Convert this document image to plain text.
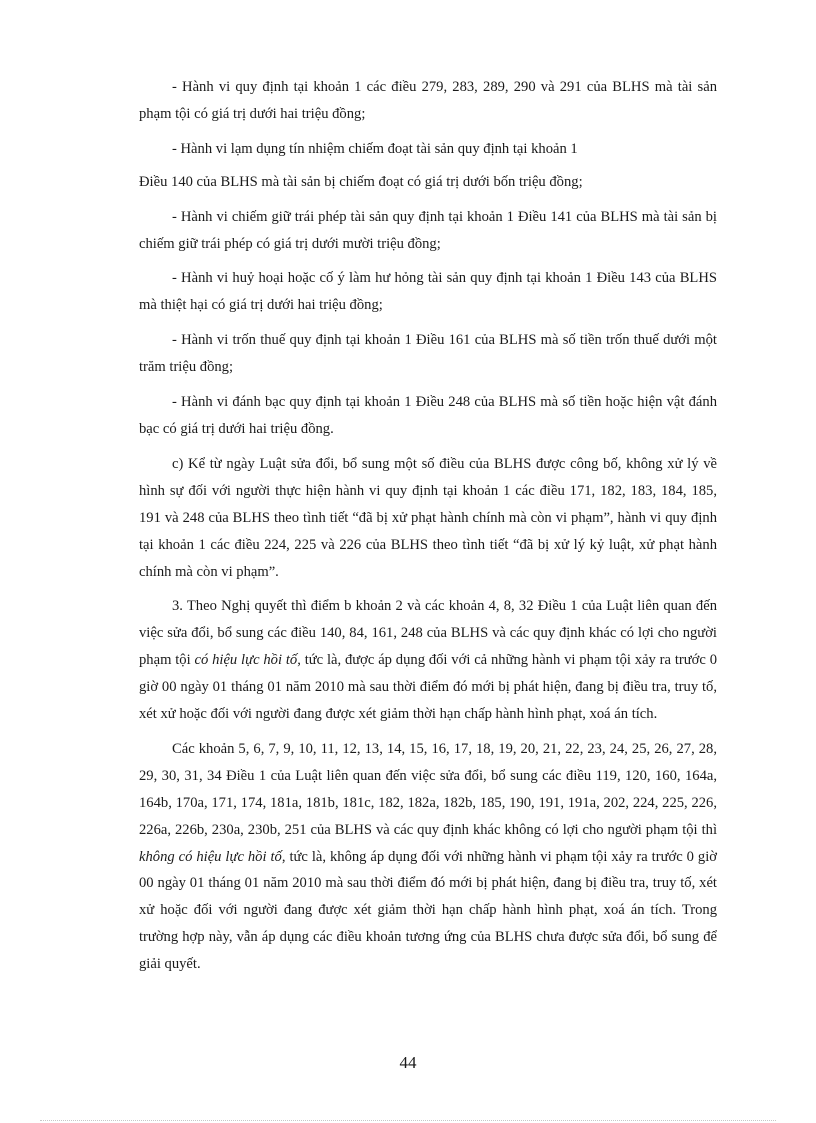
- Hành vi quy định tại khoản 1 các điều 279, 283, 289, 290 và 291 của BLHS mà tài sản phạm tội có giá trị dưới hai triệu đồng;

- Hành vi lạm dụng tín nhiệm chiếm đoạt tài sản quy định tại khoản 1

Điều 140 của BLHS mà tài sản bị chiếm đoạt có giá trị dưới bốn triệu đồng;

- Hành vi chiếm giữ trái phép tài sản quy định tại khoản 1 Điều 141 của BLHS mà tài sản bị chiếm giữ trái phép có giá trị dưới mười triệu đồng;

- Hành vi huỷ hoại hoặc cố ý làm hư hỏng tài sản quy định tại khoản 1 Điều 143 của BLHS mà thiệt hại có giá trị dưới hai triệu đồng;

- Hành vi trốn thuế quy định tại khoản 1 Điều 161 của BLHS mà số tiền trốn thuế dưới một trăm triệu đồng;

- Hành vi đánh bạc quy định tại khoản 1 Điều 248 của BLHS mà số tiền hoặc hiện vật đánh bạc có giá trị dưới hai triệu đồng.

c) Kể từ ngày Luật sửa đổi, bổ sung một số điều của BLHS được công bố, không xử lý về hình sự đối với người thực hiện hành vi quy định tại khoản 1 các điều 171, 182, 183, 184, 185, 191 và 248 của BLHS theo tình tiết “đã bị xử phạt hành chính mà còn vi phạm”, hành vi quy định tại khoản 1 các điều 224, 225 và 226 của BLHS theo tình tiết “đã bị xử lý kỷ luật, xử phạt hành chính mà còn vi phạm”.

3. Theo Nghị quyết thì điểm b khoản 2 và các khoản 4, 8, 32 Điều 1 của Luật liên quan đến việc sửa đổi, bổ sung các điều 140, 84, 161, 248 của BLHS và các quy định khác có lợi cho người phạm tội có hiệu lực hồi tố, tức là, được áp dụng đối với cả những hành vi phạm tội xảy ra trước 0 giờ 00 ngày 01 tháng 01 năm 2010 mà sau thời điểm đó mới bị phát hiện, đang bị điều tra, truy tố, xét xử hoặc đối với người đang được xét giảm thời hạn chấp hành hình phạt, xoá án tích.

Các khoản 5, 6, 7, 9, 10, 11, 12, 13, 14, 15, 16, 17, 18, 19, 20, 21, 22, 23, 24, 25, 26, 27, 28, 29, 30, 31, 34 Điều 1 của Luật liên quan đến việc sửa đổi, bổ sung các điều 119, 120, 160, 164a, 164b, 170a, 171, 174, 181a, 181b, 181c, 182, 182a, 182b, 185, 190, 191, 191a, 202, 224, 225, 226, 226a, 226b, 230a, 230b, 251 của BLHS và các quy định khác không có lợi cho người phạm tội thì không có hiệu lực hồi tố, tức là, không áp dụng đối với những hành vi phạm tội xảy ra trước 0 giờ 00 ngày 01 tháng 01 năm 2010 mà sau thời điểm đó mới bị phát hiện, đang bị điều tra, truy tố, xét xử hoặc đối với người đang được xét giảm thời hạn chấp hành hình phạt, xoá án tích. Trong trường hợp này, vẫn áp dụng các điều khoản tương ứng của BLHS chưa được sửa đổi, bổ sung để giải quyết.

44
